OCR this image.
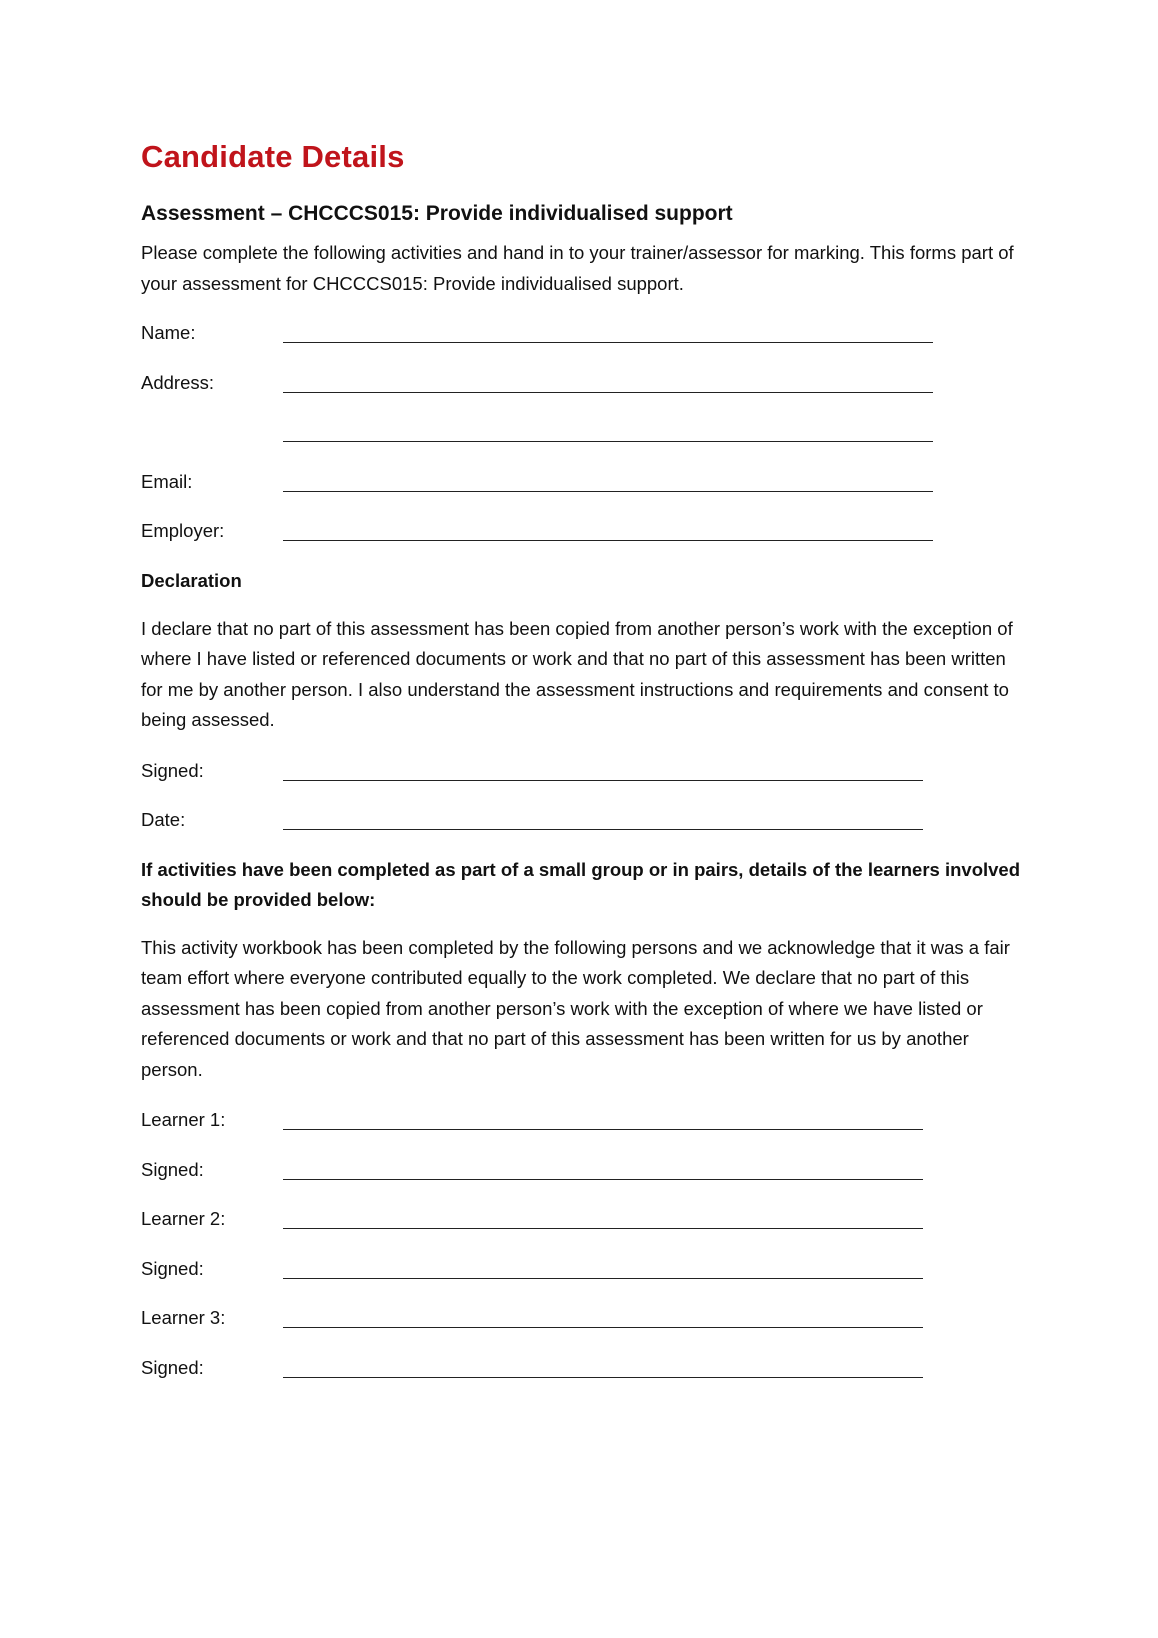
Candidate Details
Assessment – CHCCCS015: Provide individualised support

Please complete the following activities and hand in to your trainer/assessor for marking. This forms part of your assessment for CHCCCS015: Provide individualised support.

Name:
Address:
Email:
Employer:
Declaration

I declare that no part of this assessment has been copied from another person’s work with the exception of where I have listed or referenced documents or work and that no part of this assessment has been written for me by another person. I also understand the assessment instructions and requirements and consent to being assessed.

Signed:
Date:
If activities have been completed as part of a small group or in pairs, details of the learners involved should be provided below:

This activity workbook has been completed by the following persons and we acknowledge that it was a fair team effort where everyone contributed equally to the work completed. We declare that no part of this assessment has been copied from another person’s work with the exception of where we have listed or referenced documents or work and that no part of this assessment has been written for us by another person.

Learner 1:
Signed:
Learner 2:
Signed:
Learner 3:
Signed:
